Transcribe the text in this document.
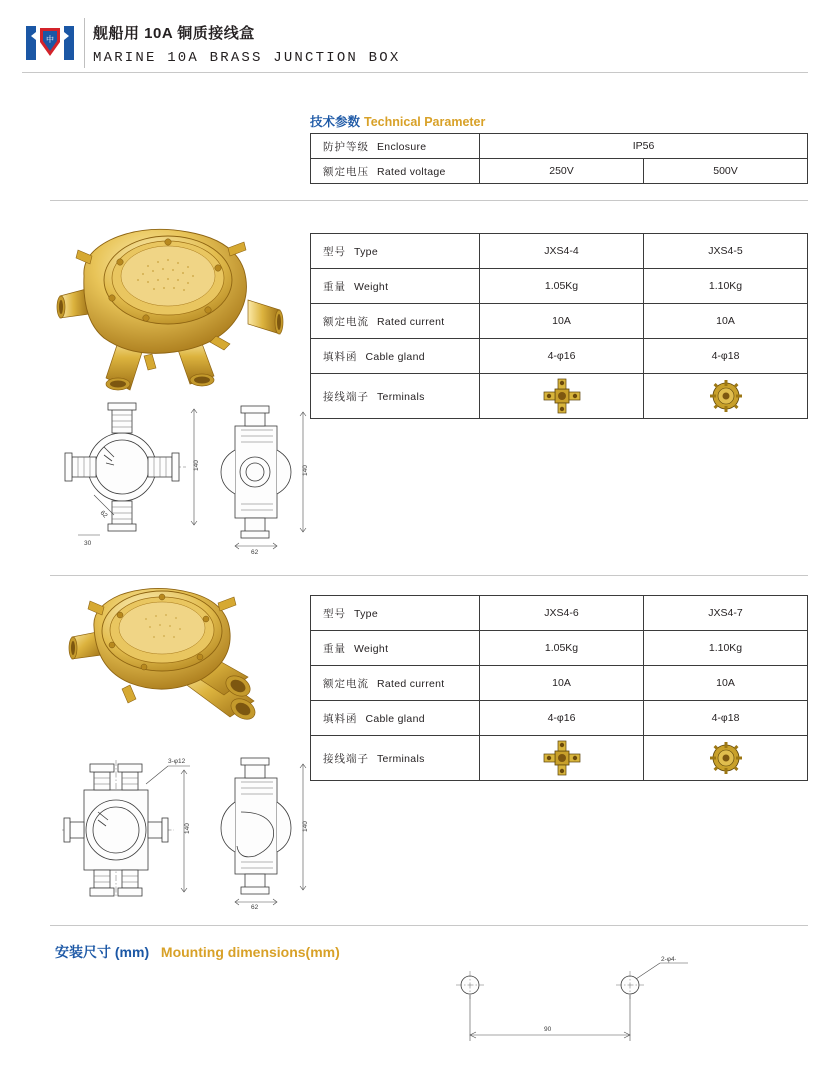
中	舰船用 10A 铜质接线盒
MARINE 10A BRASS JUNCTION BOX
技术参数 Technical Parameter
防护等级 Enclosure	IP56	
额定电压 Rated voltage	250V	500V
140
62
30
140
62
型号 Type	JXS4-4	JXS4-5
重量 Weight	1.05Kg	1.10Kg
额定电流 Rated current	10A	10A
填料函 Cable gland	4-φ16	4-φ18
接线端子 Terminals	

140
3-φ12
140
62
型号 Type	JXS4-6	JXS4-7
重量 Weight	1.05Kg	1.10Kg
额定电流 Rated current	10A	10A
填料函 Cable gland	4-φ16	4-φ18
接线端子 Terminals	

安装尺寸 (mm) Mounting dimensions(mm)	2-φ4·
90
